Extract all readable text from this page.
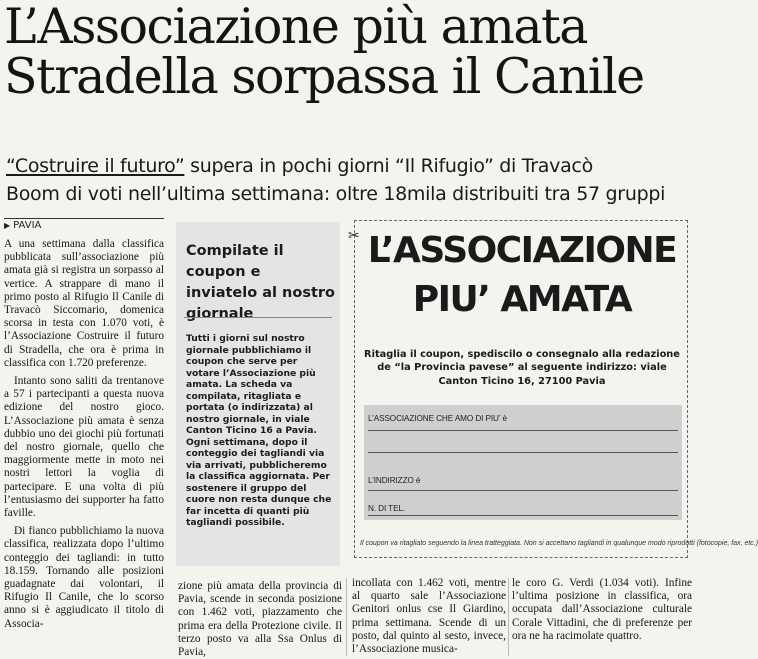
L’Associazione più amata
Stradella sorpassa il Canile
“Costruire il futuro” supera in pochi giorni “Il Rifugio” di Travacò
Boom di voti nell’ultima settimana: oltre 18mila distribuiti tra 57 gruppi
▶ PAVIA

A una settimana dalla classifica pubblicata sull’associazione più amata già si registra un sorpasso al vertice. A strappare di mano il primo posto al Rifugio Il Canile di Travacò Siccomario, domenica scorsa in testa con 1.070 voti, è l’Associazione Costruire il futuro di Stradella, che ora è prima in classifica con 1.720 preferenze.

Intanto sono saliti da trentanove a 57 i partecipanti a questa nuova edizione del nostro gioco. L’Associazione più amata è senza dubbio uno dei giochi più fortunati del nostro giornale, quello che maggiormente mette in moto nei nostri lettori la voglia di partecipare. E una volta di più l’entusiasmo dei supporter ha fatto faville.

Di fianco pubblichiamo la nuova classifica, realizzata dopo l’ultimo conteggio dei tagliandi: in tutto 18.159. Tornando alle posizioni guadagnate dai volontari, il Rifugio Il Canile, che lo scorso anno si è aggiudicato il titolo di Associa-

Compilate il coupon e inviatelo al nostro giornale
Tutti i giorni sul nostro giornale pubblichiamo il coupon che serve per votare l’Associazione più amata. La scheda va compilata, ritagliata e portata (o indirizzata) al nostro giornale, in viale Canton Ticino 16 a Pavia. Ogni settimana, dopo il conteggio dei tagliandi via via arrivati, pubblicheremo la classifica aggiornata. Per sostenere il gruppo del cuore non resta dunque che far incetta di quanti più tagliandi possibile.

zione più amata della provincia di Pavia, scende in seconda posizione con 1.462 voti, piazzamento che prima era della Protezione civile. Il terzo posto va alla Ssa Onlus di Pavia,

incollata con 1.462 voti, mentre al quarto sale l’Associazione Genitori onlus cse Il Giardino, prima settimana. Scende di un posto, dal quinto al sesto, invece, l’Associazione musica-

le coro G. Verdi (1.034 voti). Infine l’ultima posizione in classifica, ora occupata dall’Associazione culturale Corale Vittadini, che di preferenze per ora ne ha racimolate quattro.

✂ L’ASSOCIAZIONE
PIU’ AMATA
Ritaglia il coupon, spediscilo o consegnalo alla redazione de “la Provincia pavese” al seguente indirizzo: viale Canton Ticino 16, 27100 Pavia
L’ASSOCIAZIONE CHE AMO DI PIU’ è
L’INDIRIZZO è
N. DI TEL.
Il coupon va ritagliato seguendo la linea tratteggiata. Non si accettano tagliandi in qualunque modo riprodotti (fotocopie, fax, etc.)
